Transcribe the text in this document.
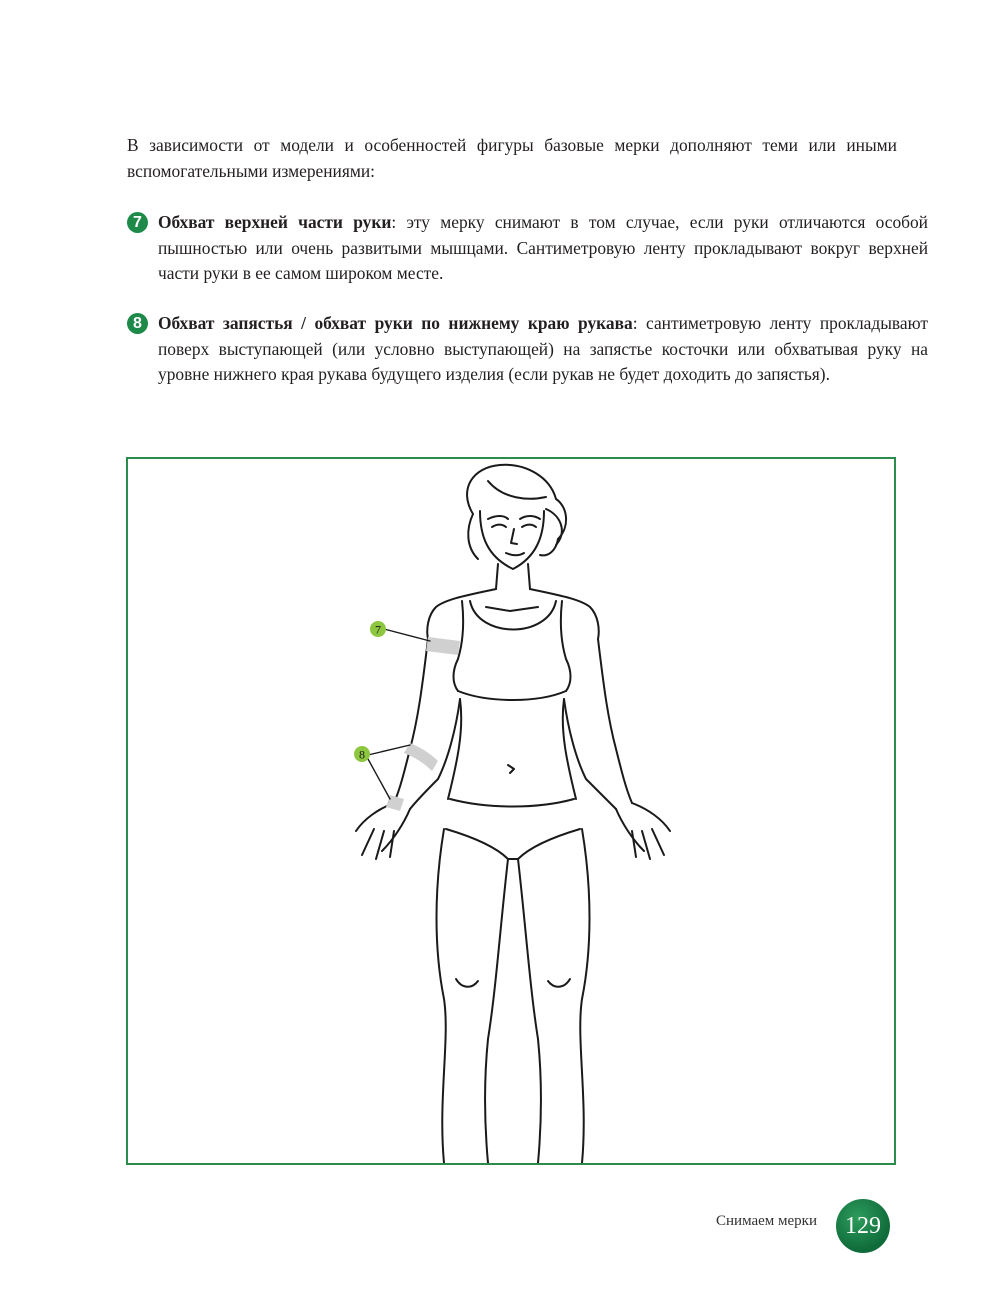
В зависимости от модели и особенностей фигуры базовые мерки дополняют теми или иными вспомогательными измерениями:
7 Обхват верхней части руки: эту мерку снимают в том случае, если руки отличаются особой пышностью или очень развитыми мышцами. Сантиметровую ленту прокладывают вокруг верхней части руки в ее самом широком месте.

8 Обхват запястья / обхват руки по нижнему краю рукава: сантиметровую ленту прокладывают поверх выступающей (или условно выступающей) на запястье косточки или обхватывая руку на уровне нижнего края рукава будущего изделия (если рукав не будет доходить до запястья).

7
8
Снимаем мерки	129
